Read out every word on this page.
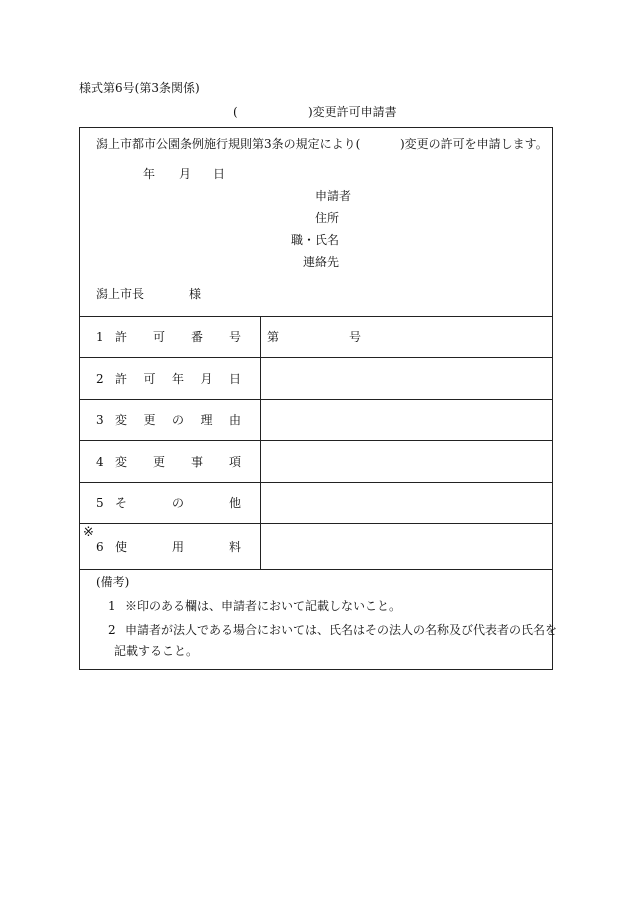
様式第6号(第3条関係)
(	)変更許可申請書
潟上市都市公園条例施行規則第3条の規定により(	)変更の許可を申請します。
年 月 日
申請者
住所
職・氏名
連絡先
潟上市長	様
1 許 可 番 号 第	号
2 許 可 年 月 日
3 変 更 の 理 由
4 変 更 事 項
5 そ	の	他
※
6 使	用	料
(備考)
1 ※印のある欄は、申請者において記載しないこと。
2 申請者が法人である場合においては、氏名はその法人の名称及び代表者の氏名を
記載すること。
